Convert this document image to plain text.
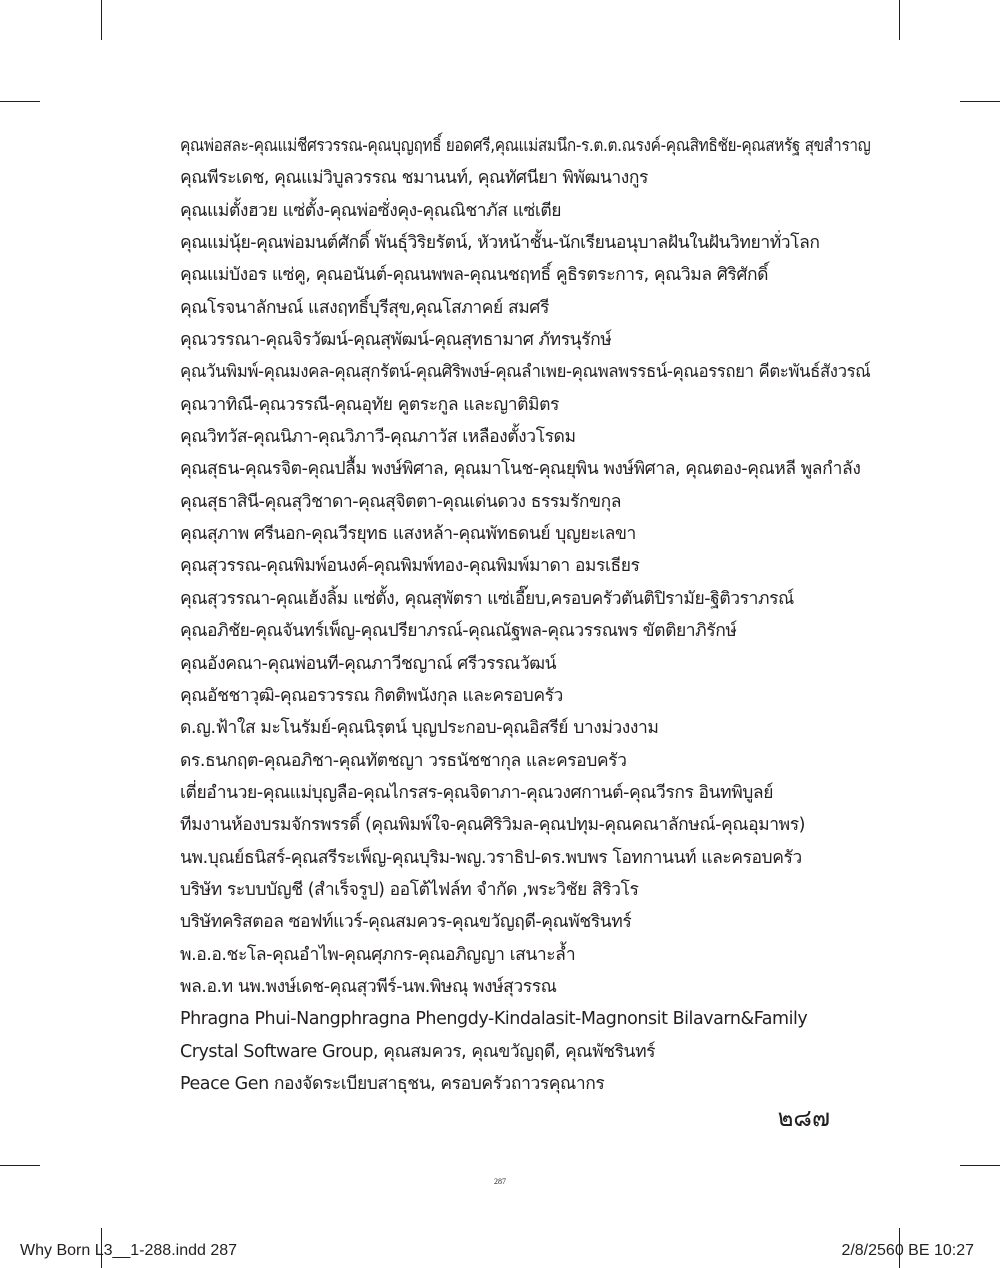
คุณพ่อสละ-คุณแม่ชีศรวรรณ-คุณบุญฤทธิ์ ยอดศรี,คุณแม่สมนึก-ร.ต.ต.ณรงค์-คุณสิทธิชัย-คุณสหรัฐ สุขสำราญ
คุณพีระเดช, คุณแม่วิบูลวรรณ ชมานนท์, คุณทัศนียา พิพัฒนางกูร
คุณแม่ตั้งฮวย แซ่ตั้ง-คุณพ่อซั่งคุง-คุณณิชาภัส แซ่เตีย
คุณแม่นุ้ย-คุณพ่อมนต์ศักดิ์ พันธุ์วิริยรัตน์, หัวหน้าชั้น-นักเรียนอนุบาลฝันในฝันวิทยาทั่วโลก
คุณแม่บังอร แซ่คู, คุณอนันต์-คุณนพพล-คุณนชฤทธิ์ คูธิรตระการ, คุณวิมล ศิริศักดิ์
คุณโรจนาลักษณ์ แสงฤทธิ์บุรีสุข,คุณโสภาคย์ สมศรี
คุณวรรณา-คุณจิรวัฒน์-คุณสุพัฒน์-คุณสุทธามาศ ภัทรนุรักษ์
คุณวันพิมพ์-คุณมงคล-คุณสุกรัตน์-คุณศิริพงษ์-คุณลำเพย-คุณพลพรรธน์-คุณอรรถยา คีตะพันธ์สังวรณ์
คุณวาทิณี-คุณวรรณี-คุณอุทัย คูตระกูล และญาติมิตร
คุณวิทวัส-คุณนิภา-คุณวิภาวี-คุณภาวัส เหลืองตั้งวโรดม
คุณสุธน-คุณรจิต-คุณปลื้ม พงษ์พิศาล, คุณมาโนช-คุณยุพิน พงษ์พิศาล, คุณตอง-คุณหลี พูลกำลัง
คุณสุธาสินี-คุณสุวิชาดา-คุณสุจิตตา-คุณเด่นดวง ธรรมรักขกุล
คุณสุภาพ ศรีนอก-คุณวีรยุทธ แสงหล้า-คุณพัทธดนย์ บุญยะเลขา
คุณสุวรรณ-คุณพิมพ์อนงค์-คุณพิมพ์ทอง-คุณพิมพ์มาดา อมรเธียร
คุณสุวรรณา-คุณเฮ้งลิ้ม แซ่ตั้ง, คุณสุพัตรา แซ่เอี๊ยบ,ครอบครัวตันติปิรามัย-ฐิติวราภรณ์
คุณอภิชัย-คุณจันทร์เพ็ญ-คุณปรียาภรณ์-คุณณัฐพล-คุณวรรณพร ขัตติยาภิรักษ์
คุณอังคณา-คุณพ่อนที-คุณภาวีชญาณ์ ศรีวรรณวัฒน์
คุณอัชชาวุฒิ-คุณอรวรรณ กิตติพนังกุล และครอบครัว
ด.ญ.ฟ้าใส มะโนรัมย์-คุณนิรุตน์ บุญประกอบ-คุณอิสรีย์ บางม่วงงาม
ดร.ธนกฤต-คุณอภิชา-คุณทัตชญา วรธนัชชากุล และครอบครัว
เตี่ยอำนวย-คุณแม่บุญลือ-คุณไกรสร-คุณจิดาภา-คุณวงศกานต์-คุณวีรกร อินทพิบูลย์
ทีมงานห้องบรมจักรพรรดิ์ (คุณพิมพ์ใจ-คุณศิริวิมล-คุณปทุม-คุณคณาลักษณ์-คุณอุมาพร)
นพ.บุณย์ธนิสร์-คุณสรีระเพ็ญ-คุณบุริม-พญ.วราธิป-ดร.พบพร โอทกานนท์ และครอบครัว
บริษัท ระบบบัญชี (สำเร็จรูป) ออโต้ไฟล์ท จำกัด ,พระวิชัย สิริวโร
บริษัทคริสตอล ซอฟท์แวร์-คุณสมควร-คุณขวัญฤดี-คุณพัชรินทร์
พ.อ.อ.ชะโล-คุณอำไพ-คุณศุภกร-คุณอภิญญา เสนาะล้ำ
พล.อ.ท นพ.พงษ์เดช-คุณสุวพีร์-นพ.พิษณุ พงษ์สุวรรณ
Phragna Phui-Nangphragna Phengdy-Kindalasit-Magnonsit Bilavarn&Family
Crystal Software Group, คุณสมควร, คุณขวัญฤดี, คุณพัชรินทร์
Peace Gen กองจัดระเบียบสาธุชน, ครอบครัวถาวรคุณากร
๒๘๗
287
Why Born L3__1-288.indd 287	2/8/2560 BE 10:27
